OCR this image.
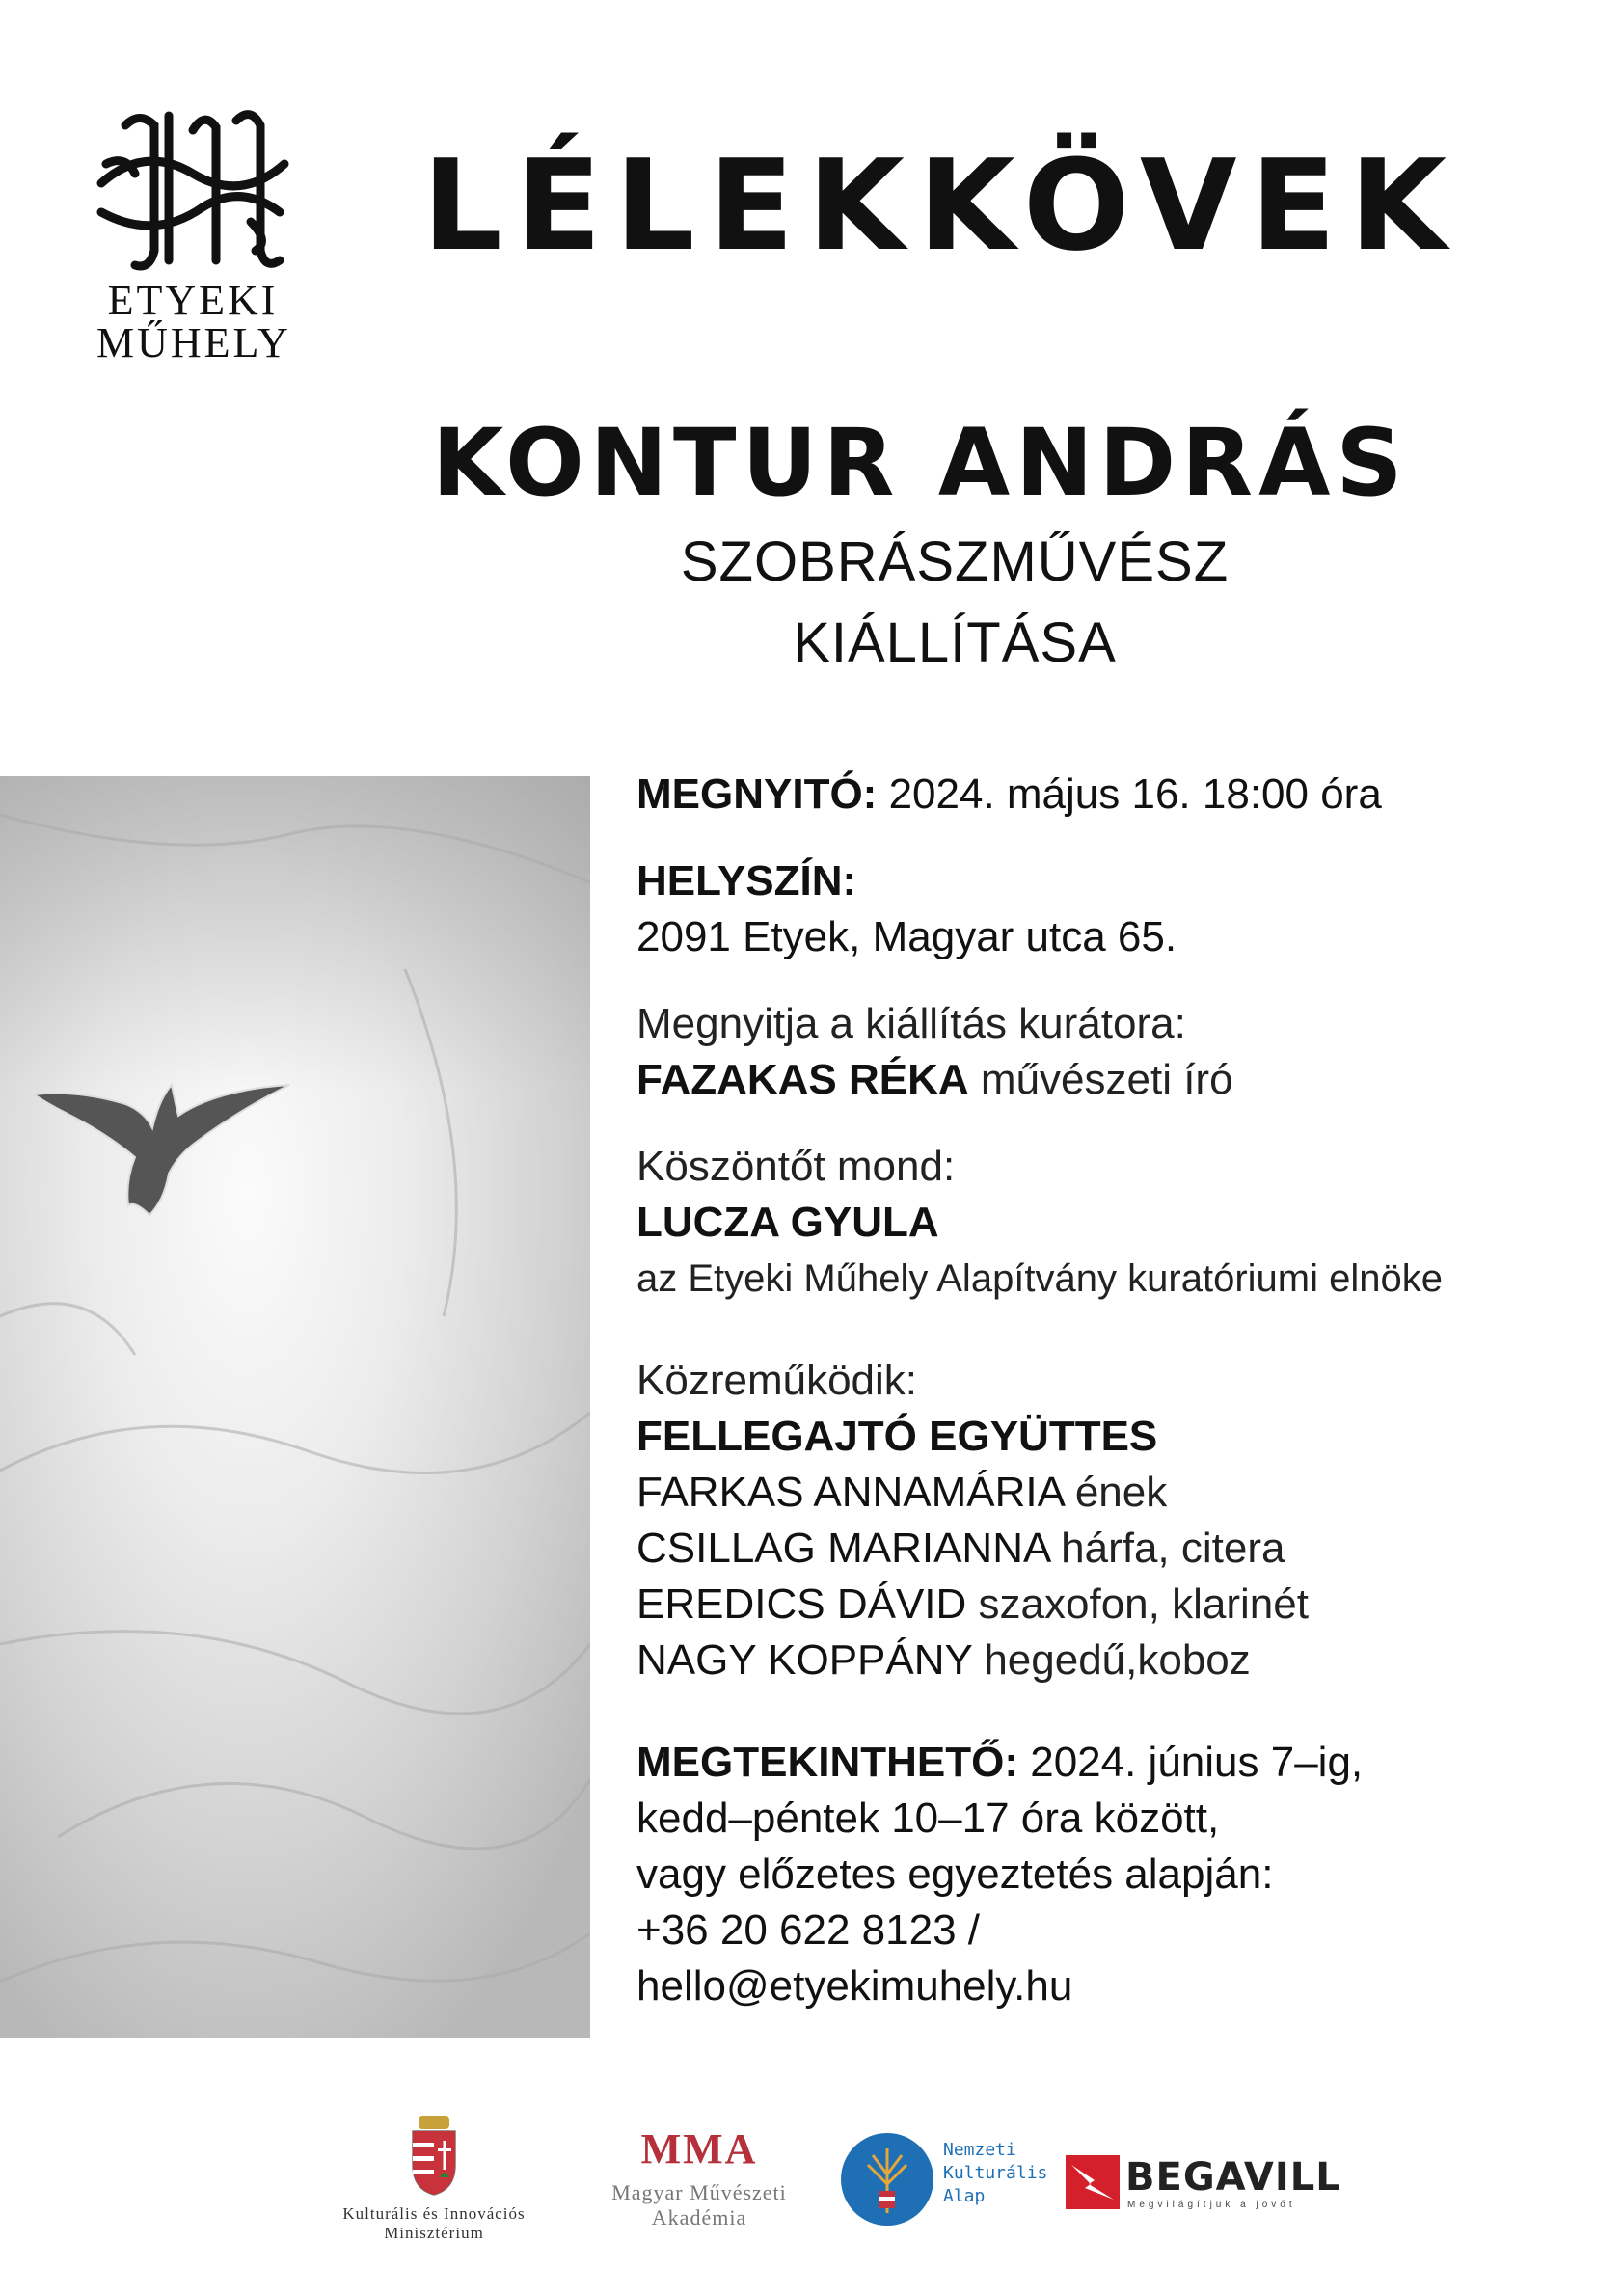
ETYEKI
MŰHELY
LÉLEKKÖVEK
KONTUR ANDRÁS
SZOBRÁSZMŰVÉSZ
KIÁLLÍTÁSA
MEGNYITÓ: 2024. május 16. 18:00 óra
HELYSZÍN:
2091 Etyek, Magyar utca 65.
Megnyitja a kiállítás kurátora:
FAZAKAS RÉKA művészeti író
Köszöntőt mond:
LUCZA GYULA
az Etyeki Műhely Alapítvány kuratóriumi elnöke
Közreműködik:
FELLEGAJTÓ EGYÜTTES
FARKAS ANNAMÁRIA ének
CSILLAG MARIANNA hárfa, citera
EREDICS DÁVID szaxofon, klarinét
NAGY KOPPÁNY hegedű,koboz
MEGTEKINTHETŐ: 2024. június 7–ig,
kedd–péntek 10–17 óra között,
vagy előzetes egyeztetés alapján:
+36 20 622 8123 /
hello@etyekimuhely.hu
Kulturális és Innovációs
Minisztérium
MMA
Magyar Művészeti
Akadémia
Nemzeti
Kulturális
Alap	BEGAVILL
Megvilágítjuk a jövőt
